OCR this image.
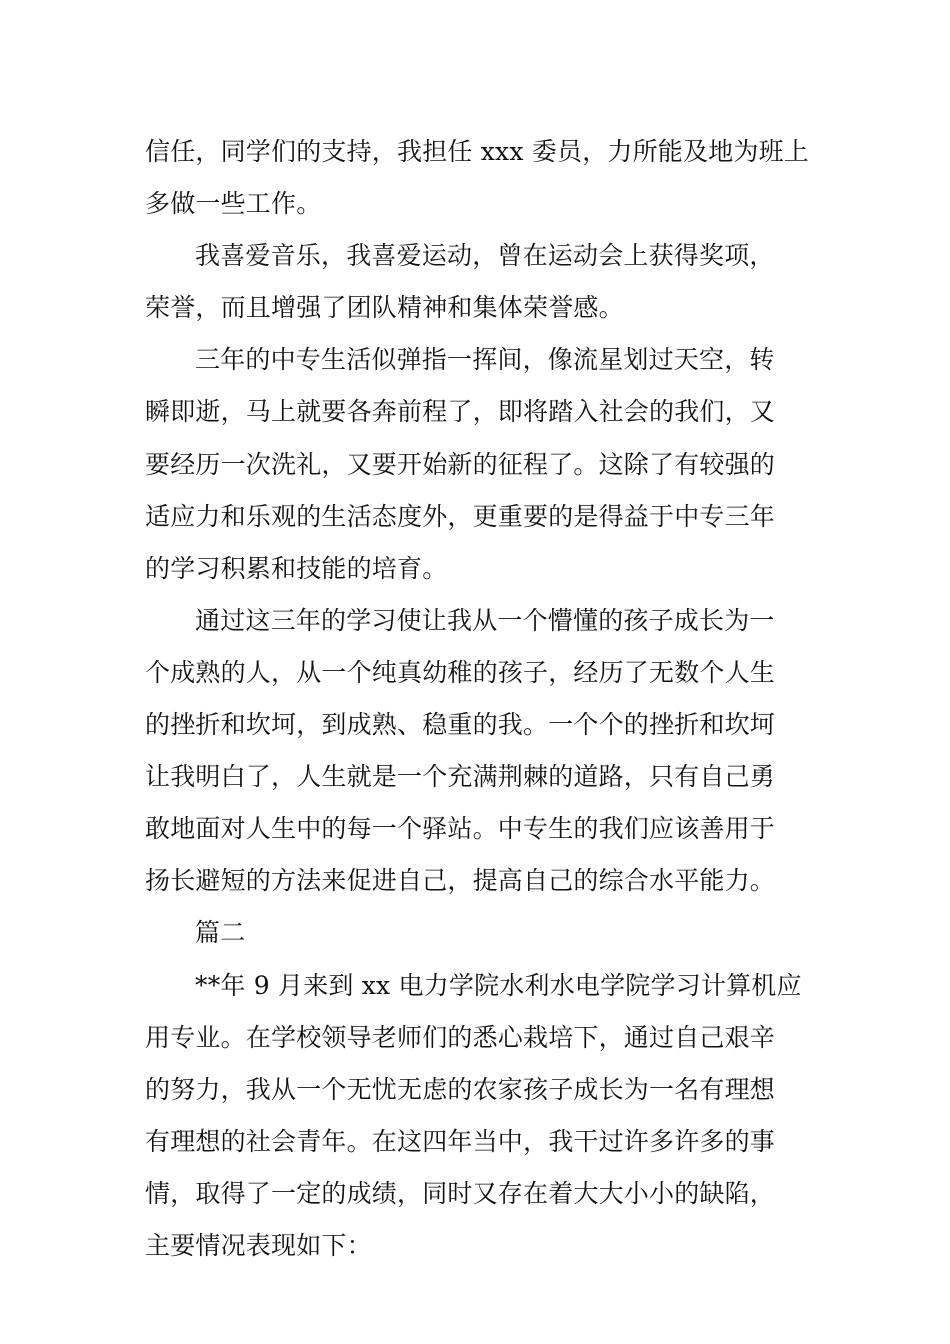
信任，同学们的支持，我担任 xxx 委员，力所能及地为班上
多做一些工作。
我喜爱音乐，我喜爱运动，曾在运动会上获得奖项，
荣誉，而且增强了团队精神和集体荣誉感。
三年的中专生活似弹指一挥间，像流星划过天空，转
瞬即逝，马上就要各奔前程了，即将踏入社会的我们，又
要经历一次洗礼，又要开始新的征程了。这除了有较强的
适应力和乐观的生活态度外，更重要的是得益于中专三年
的学习积累和技能的培育。
通过这三年的学习使让我从一个懵懂的孩子成长为一
个成熟的人，从一个纯真幼稚的孩子，经历了无数个人生
的挫折和坎坷，到成熟、稳重的我。一个个的挫折和坎坷
让我明白了，人生就是一个充满荆棘的道路，只有自己勇
敢地面对人生中的每一个驿站。中专生的我们应该善用于
扬长避短的方法来促进自己，提高自己的综合水平能力。
篇二
**年 9 月来到 xx 电力学院水利水电学院学习计算机应
用专业。在学校领导老师们的悉心栽培下，通过自己艰辛
的努力，我从一个无忧无虑的农家孩子成长为一名有理想
有理想的社会青年。在这四年当中，我干过许多许多的事
情，取得了一定的成绩，同时又存在着大大小小的缺陷，
主要情况表现如下：
